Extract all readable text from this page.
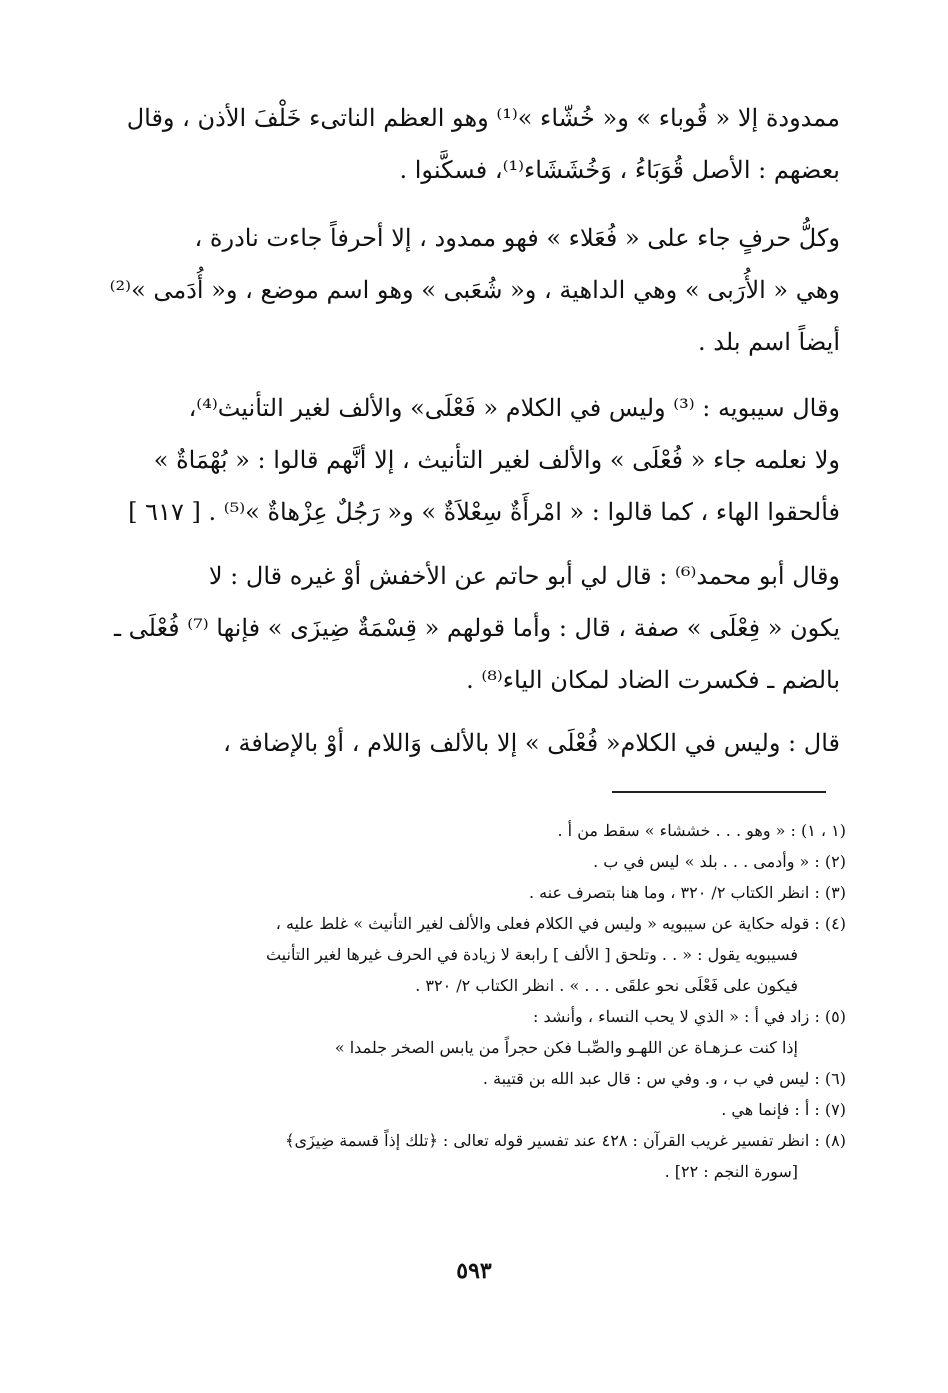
ممدودة إلا « قُوباء » و« خُشّاء »⁽¹⁾ وهو العظم الناتىء خَلْفَ الأذن ، وقال
بعضهم : الأصل قُوَبَاءُ ، وَخُشَشَاء⁽¹⁾، فسكَّنوا .
وكلُّ حرفٍ جاء على « فُعَلاء » فهو ممدود ، إلا أحرفاً جاءت نادرة ،
وهي « الأُرَبى » وهي الداهية ، و« شُعَبى » وهو اسم موضع ، و« أُدَمى »⁽²⁾
أيضاً اسم بلد .
وقال سيبويه : ⁽³⁾ وليس في الكلام « فَعْلَى» والألف لغير التأنيث⁽⁴⁾،
ولا نعلمه جاء « فُعْلَى » والألف لغير التأنيث ، إلا أنَّهم قالوا : « بُهْمَاةٌ »
فألحقوا الهاء ، كما قالوا : « امْرأَةٌ سِعْلاَةٌ » و« رَجُلٌ عِزْهاةٌ »⁽⁵⁾ . [ ٦١٧ ]
وقال أبو محمد⁽⁶⁾ : قال لي أبو حاتم عن الأخفش أوْ غيره قال : لا
يكون « فِعْلَى » صفة ، قال : وأما قولهم « قِسْمَةٌ ضِيزَى » فإنها ⁽⁷⁾ فُعْلَى ـ
بالضم ـ فكسرت الضاد لمكان الياء⁽⁸⁾ .
قال : وليس في الكلام« فُعْلَى » إلا بالألف وَاللام ، أوْ بالإضافة ،
(١ ، ١) : « وهو . . . خششاء » سقط من أ .
(٢) : « وأدمى . . . بلد » ليس في ب .
(٣) : انظر الكتاب ٢/ ٣٢٠ ، وما هنا بتصرف عنه .
(٤) : قوله حكاية عن سيبويه « وليس في الكلام فعلى والألف لغير التأنيث » غلط عليه ،
فسيبويه يقول : « . . وتلحق [ الألف ] رابعة لا زيادة في الحرف غيرها لغير التأنيث
فيكون على فَعْلَى نحو علقَى . . . » . انظر الكتاب ٢/ ٣٢٠ .
(٥) : زاد في أ : « الذي لا يحب النساء ، وأنشد :
إذا كنت عـزهـاة عن اللهـو والصِّبـا فكن حجراً من يابس الصخر جلمدا »
(٦) : ليس في ب ، و. وفي س : قال عبد الله بن قتيبة .
(٧) : أ : فإنما هي .
(٨) : انظر تفسير غريب القرآن : ٤٢٨ عند تفسير قوله تعالى : ﴿تلك إذاً قسمة ضِيزَى﴾
[سورة النجم : ٢٢] .
٥٩٣
